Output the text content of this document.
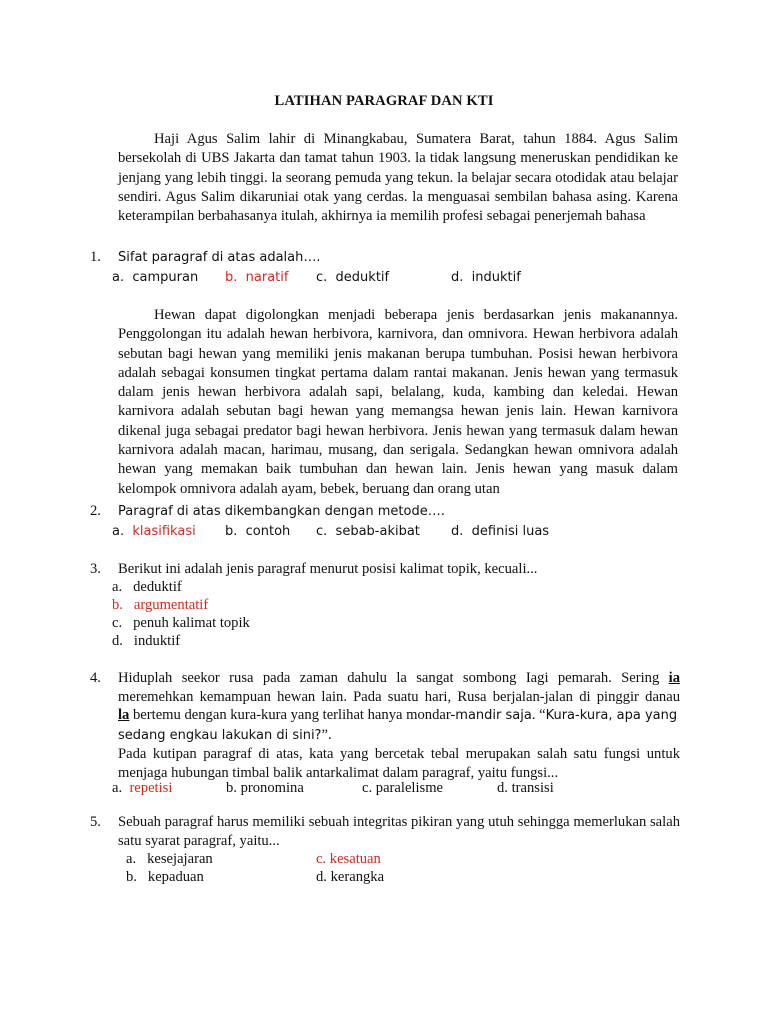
LATIHAN PARAGRAF DAN KTI

Haji Agus Salim lahir di Minangkabau, Sumatera Barat, tahun 1884. Agus Salim bersekolah di UBS Jakarta dan tamat tahun 1903. la tidak langsung meneruskan pendidikan ke jenjang yang lebih tinggi. la seorang pemuda yang tekun. la belajar secara otodidak atau belajar sendiri. Agus Salim dikaruniai otak yang cerdas. la menguasai sembilan bahasa asing. Karena keterampilan berbahasanya itulah, akhirnya ia memilih profesi sebagai penerjemah bahasa

1. Sifat paragraf di atas adalah….
a. campuran b. naratif c. deduktif	d. induktif

Hewan dapat digolongkan menjadi beberapa jenis berdasarkan jenis makanannya. Penggolongan itu adalah hewan herbivora, karnivora, dan omnivora. Hewan herbivora adalah sebutan bagi hewan yang memiliki jenis makanan berupa tumbuhan. Posisi hewan herbivora adalah sebagai konsumen tingkat pertama dalam rantai makanan. Jenis hewan yang termasuk dalam jenis hewan herbivora adalah sapi, belalang, kuda, kambing dan keledai. Hewan karnivora adalah sebutan bagi hewan yang memangsa hewan jenis lain. Hewan karnivora dikenal juga sebagai predator bagi hewan herbivora. Jenis hewan yang termasuk dalam hewan karnivora adalah macan, harimau, musang, dan serigala. Sedangkan hewan omnivora adalah hewan yang memakan baik tumbuhan dan hewan lain. Jenis hewan yang masuk dalam kelompok omnivora adalah ayam, bebek, beruang dan orang utan

2. Paragraf di atas dikembangkan dengan metode….
a. klasifikasi b. contoh c. sebab-akibat d. definisi luas
3. Berikut ini adalah jenis paragraf menurut posisi kalimat topik, kecuali...
a. deduktif
b. argumentatif
c. penuh kalimat topik
d. induktif
4. Hiduplah seekor rusa pada zaman dahulu la sangat sombong Iagi pemarah. Sering ia
meremehkan kemampuan hewan lain. Pada suatu hari, Rusa berjalan-jalan di pinggir danau
la bertemu dengan kura-kura yang terlihat hanya mondar-mandir saja. “Kura-kura, apa yang
sedang engkau lakukan di sini?”.
Pada kutipan paragraf di atas, kata yang bercetak tebal merupakan salah satu fungsi untuk menjaga hubungan timbal balik antarkalimat dalam paragraf, yaitu fungsi...
a. repetisi	b. pronomina	c. paralelisme	d. transisi
5. Sebuah paragraf harus memiliki sebuah integritas pikiran yang utuh sehingga memerlukan salah satu syarat paragraf, yaitu...
a. kesejajaran	c. kesatuan
b. kepaduan	d. kerangka
